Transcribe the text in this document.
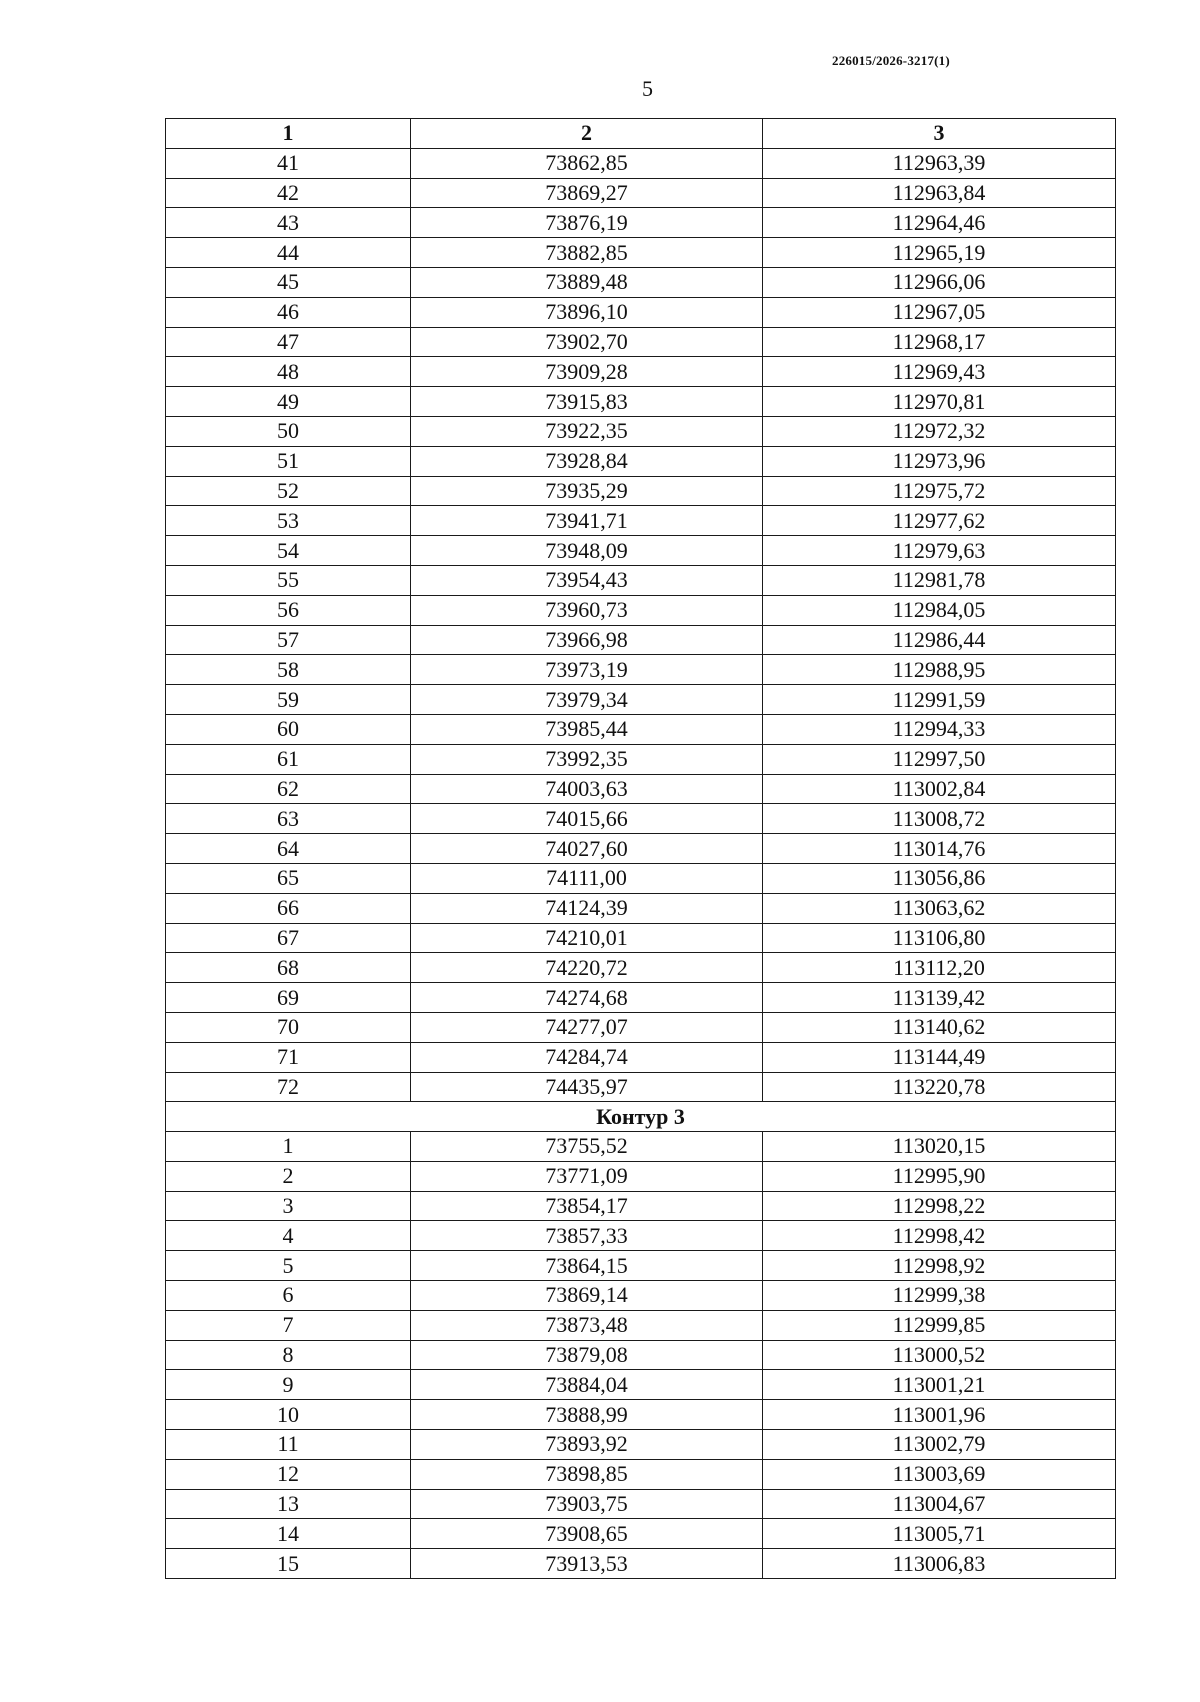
226015/2026-3217(1)
5
1	2	3
41	73862,85	112963,39
42	73869,27	112963,84
43	73876,19	112964,46
44	73882,85	112965,19
45	73889,48	112966,06
46	73896,10	112967,05
47	73902,70	112968,17
48	73909,28	112969,43
49	73915,83	112970,81
50	73922,35	112972,32
51	73928,84	112973,96
52	73935,29	112975,72
53	73941,71	112977,62
54	73948,09	112979,63
55	73954,43	112981,78
56	73960,73	112984,05
57	73966,98	112986,44
58	73973,19	112988,95
59	73979,34	112991,59
60	73985,44	112994,33
61	73992,35	112997,50
62	74003,63	113002,84
63	74015,66	113008,72
64	74027,60	113014,76
65	74111,00	113056,86
66	74124,39	113063,62
67	74210,01	113106,80
68	74220,72	113112,20
69	74274,68	113139,42
70	74277,07	113140,62
71	74284,74	113144,49
72	74435,97	113220,78
Контур 3		
1	73755,52	113020,15
2	73771,09	112995,90
3	73854,17	112998,22
4	73857,33	112998,42
5	73864,15	112998,92
6	73869,14	112999,38
7	73873,48	112999,85
8	73879,08	113000,52
9	73884,04	113001,21
10	73888,99	113001,96
11	73893,92	113002,79
12	73898,85	113003,69
13	73903,75	113004,67
14	73908,65	113005,71
15	73913,53	113006,83
